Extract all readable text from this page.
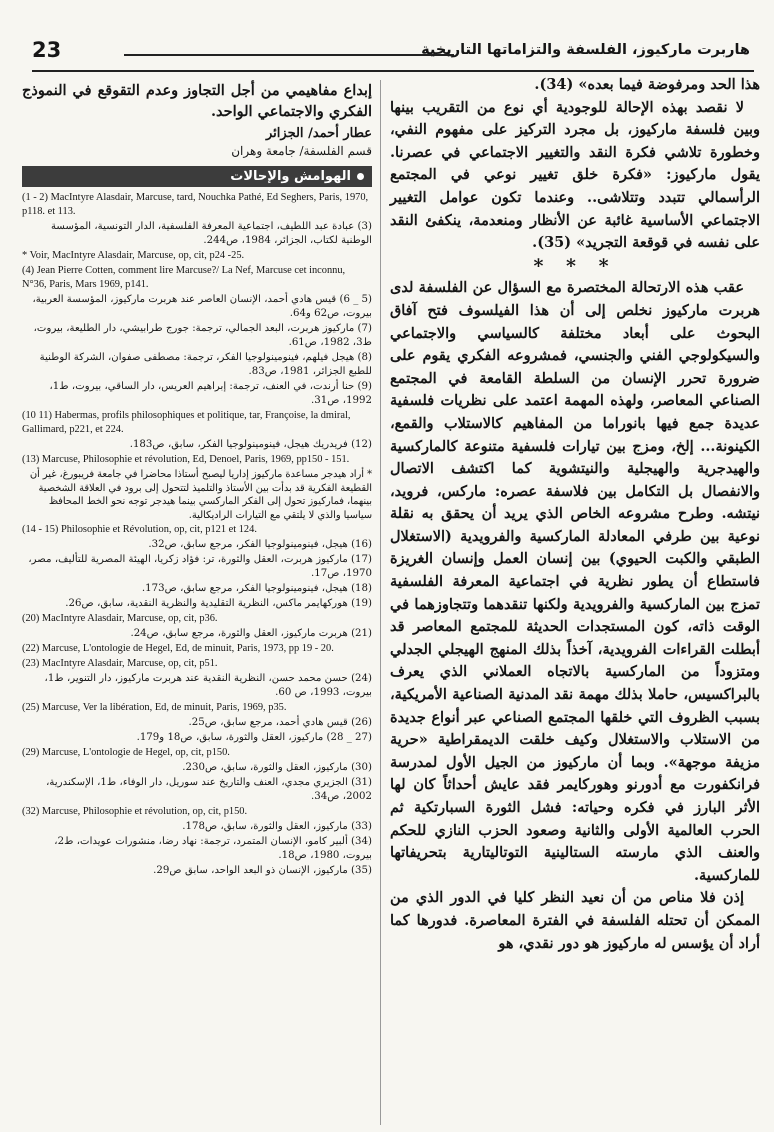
23	هاربرت ماركيوز، الفلسفة والتزاماتها التاريخية

هذا الحد ومرفوضة فيما بعده» (34).

لا نقصد بهذه الإحالة للوجودية أي نوع من التقريب بينها وبين فلسفة ماركيوز، بل مجرد التركيز على مفهوم النفي، وخطورة تلاشي فكرة النقد والتغيير الاجتماعي في عصرنا. يقول ماركيوز: «فكرة خلق تغيير نوعي في المجتمع الرأسمالي تتبدد وتتلاشى.. وعندما تكون عوامل التغيير الاجتماعي الأساسية غائبة عن الأنظار ومنعدمة، ينكفئ النقد على نفسه في قوقعة التجريد» (35).

* * *

عقب هذه الارتحالة المختصرة مع السؤال عن الفلسفة لدى هربرت ماركيوز نخلص إلى أن هذا الفيلسوف فتح آفاق البحوث على أبعاد مختلفة كالسياسي والاجتماعي والسيكولوجي الفني والجنسي، فمشروعه الفكري يقوم على ضرورة تحرر الإنسان من السلطة القامعة في المجتمع الصناعي المعاصر، ولهذه المهمة اعتمد على نظريات فلسفية عديدة جمع فيها بانوراما من المفاهيم كالاستلاب والقمع، الكينونة... إلخ، ومزج بين تيارات فلسفية متنوعة كالماركسية والهيدجرية والهيجلية والنيتشوية كما اكتشف الاتصال والانفصال بل التكامل بين فلاسفة عصره: ماركس، فرويد، نيتشه. وطرح مشروعه الخاص الذي يريد أن يحقق به نقلة نوعية بين طرفي المعادلة الماركسية والفرويدية (الاستغلال الطبقي والكبت الحيوي) بين إنسان العمل وإنسان الغريزة فاستطاع أن يطور نظرية في اجتماعية المعرفة الفلسفية تمزج بين الماركسية والفرويدية ولكنها تنقدهما وتتجاوزهما في الوقت ذاته، كون المستجدات الحديثة للمجتمع المعاصر قد أبطلت القراءات الفرويدية، آخذاً بذلك المنهج الهيجلي الجدلي ومتزوداً من الماركسية بالاتجاه العملاني الذي يعرف بالبراكسيس، حاملا بذلك مهمة نقد المدنية الصناعية الأمريكية، بسبب الظروف التي خلقها المجتمع الصناعي عبر أنواع جديدة من الاستلاب والاستغلال وكيف خلقت الديمقراطية «حرية مزيفة موجهة». وبما أن ماركيوز من الجيل الأول لمدرسة فرانكفورت مع أدورنو وهوركايمر فقد عايش أحداثاً كان لها الأثر البارز في فكره وحياته: فشل الثورة السبارتكية ثم الحرب العالمية الأولى والثانية وصعود الحزب النازي للحكم والعنف الذي مارسته الستالينية التوتاليتارية بتحريفاتها للماركسية.

إذن فلا مناص من أن نعيد النظر كليا في الدور الذي من الممكن أن تحتله الفلسفة في الفترة المعاصرة. فدورها كما أراد أن يؤسس له ماركيوز هو دور نقدي، هو

إبداع مفاهيمي من أجل التجاوز وعدم التقوقع في النموذج الفكري والاجتماعي الواحد.

عطار أحمد/ الجزائر

قسم الفلسفة/ جامعة وهران

الهوامش والإحالات
(1 - 2) MacIntyre Alasdair, Marcuse, tard, Nouchka Pathé, Ed Seghers, Paris, 1970, p118. et 113.
(3) عبادة عبد اللطيف، اجتماعية المعرفة الفلسفية، الدار التونسية، المؤسسة الوطنية لكتاب، الجزائر، 1984، ص244.
* Voir, MacIntyre Alasdair, Marcuse, op, cit, p24 -25.
(4) Jean Pierre Cotten, comment lire Marcuse?/ La Nef, Marcuse cet inconnu, N°36, Paris, Mars 1969, p141.
(5 _ 6) قيس هادي أحمد، الإنسان العاصر عند هربرت ماركيوز، المؤسسة العربية، بيروت، ص62 و64.
(7) ماركيوز هربرت، البعد الجمالي، ترجمة: جورج طرابيشي، دار الطليعة، بيروت، ط3، 1982، ص61.
(8) هيجل فيلهم، فينومينولوجيا الفكر، ترجمة: مصطفى صفوان، الشركة الوطنية للطبع الجزائر، 1981، ص83.
(9) حنا أرندت، في العنف، ترجمة: إبراهيم العريس، دار الساقي، بيروت، ط1، 1992، ص31.
(10 11) Habermas, profils philosophiques et politique, tar, Françoise, la dmiral, Gallimard, p221, et 224.
(12) فريدريك هيجل، فينومينولوجيا الفكر، سابق، ص183.
(13) Marcuse, Philosophie et révolution, Ed, Denoel, Paris, 1969, pp150 - 151.
* أراد هيدجر مساعدة ماركيوز إداريا ليصبح أستاذا محاضرا في جامعة فريبورغ، غير أن القطيعة الفكرية قد بدأت بين الأستاذ والتلميذ لتتحول إلى برود في العلاقة الشخصية بينهما، فماركيوز تحول إلى الفكر الماركسي بينما هيدجر توجه نحو الخط المحافظ سياسيا والذي لا يلتقي مع التيارات الراديكالية.
(14 - 15) Philosophie et Révolution, op, cit, p121 et 124.
(16) هيجل، فينومينولوجيا الفكر، مرجع سابق، ص32.
(17) ماركيوز هربرت، العقل والثورة، تر: فؤاد زكريا، الهيئة المصرية للتأليف، مصر، 1970، ص17.
(18) هيجل، فينومينولوجيا الفكر، مرجع سابق، ص173.
(19) هوركهايمر ماكس، النظرية التقليدية والنظرية النقدية، سابق، ص26.
(20) MacIntyre Alasdair, Marcuse, op, cit, p36.
(21) هربرت ماركيوز، العقل والثورة، مرجع سابق، ص24.
(22) Marcuse, L'ontologie de Hegel, Ed, de minuit, Paris, 1973, pp 19 - 20.
(23) MacIntyre Alasdair, Marcuse, op, cit, p51.
(24) حسن محمد حسن، النظرية النقدية عند هربرت ماركيوز، دار التنوير، ط1، بيروت، 1993، ص 60.
(25) Marcuse, Ver la libération, Ed, de minuit, Paris, 1969, p35.
(26) قيس هادي أحمد، مرجع سابق، ص25.
(27 _ 28) ماركيوز، العقل والثورة، سابق، ص18 و179.
(29) Marcuse, L'ontologie de Hegel, op, cit, p150.
(30) ماركيوز، العقل والثورة، سابق، ص230.
(31) الجزيري مجدي، العنف والتاريخ عند سوريل، دار الوفاء، ط1، الإسكندرية، 2002، ص34.
(32) Marcuse, Philosophie et révolution, op, cit, p150.
(33) ماركيوز، العقل والثورة، سابق، ص178.
(34) ألبير كامو، الإنسان المتمرد، ترجمة: نهاد رضا، منشورات عويدات، ط2، بيروت، 1980، ص18.
(35) ماركيوز، الإنسان ذو البعد الواحد، سابق ص29.
